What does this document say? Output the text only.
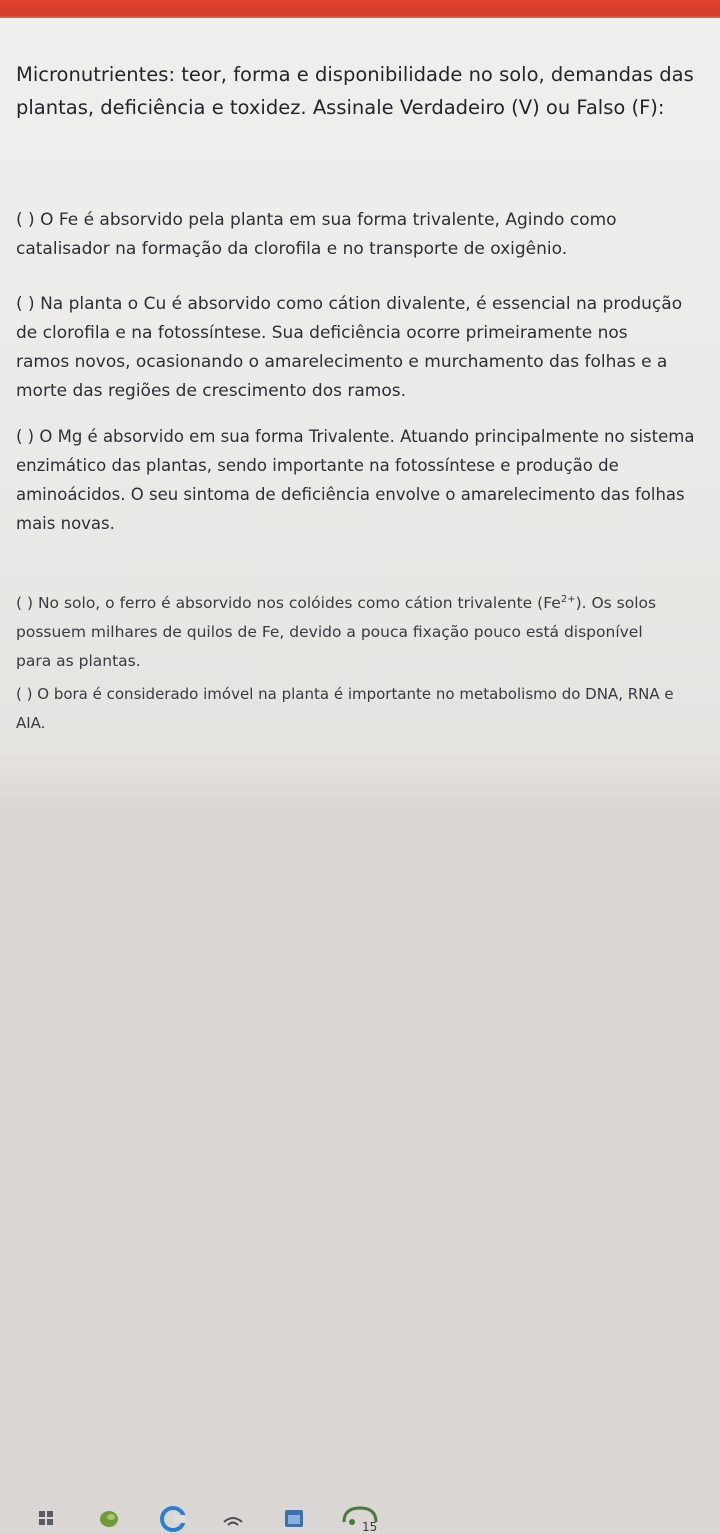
Micronutrientes: teor, forma e disponibilidade no solo, demandas das plantas, deficiência e toxidez. Assinale Verdadeiro (V) ou Falso (F):

( ) O Fe é absorvido pela planta em sua forma trivalente, Agindo como catalisador na formação da clorofila e no transporte de oxigênio.

( ) Na planta o Cu é absorvido como cátion divalente, é essencial na produção de clorofila e na fotossíntese. Sua deficiência ocorre primeiramente nos ramos novos, ocasionando o amarelecimento e murchamento das folhas e a morte das regiões de crescimento dos ramos.

( ) O Mg é absorvido em sua forma Trivalente. Atuando principalmente no sistema enzimático das plantas, sendo importante na fotossíntese e produção de aminoácidos. O seu sintoma de deficiência envolve o amarelecimento das folhas mais novas.

( ) No solo, o ferro é absorvido nos colóides como cátion trivalente $(Fe^{2+})$. Os solos possuem milhares de quilos de Fe, devido a pouca fixação pouco está disponível para as plantas.

( ) O bora é considerado imóvel na planta é importante no metabolismo do DNA, RNA e AIA.

15
